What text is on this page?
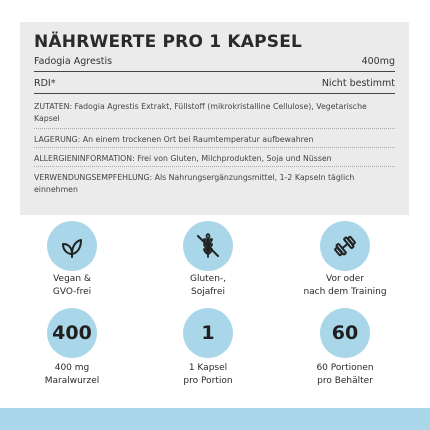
NÄHRWERTE PRO 1 KAPSEL
Fadogia Agrestis	400mg
RDI*	Nicht bestimmt
ZUTATEN: Fadogia Agrestis Extrakt, Füllstoff (mikrokristalline Cellulose), Vegetarische Kapsel
LAGERUNG: An einem trockenen Ort bei Raumtemperatur aufbewahren
ALLERGIENINFORMATION: Frei von Gluten, Milchprodukten, Soja und Nüssen
VERWENDUNGSEMPFEHLUNG: Als Nahrungsergänzungsmittel, 1-2 Kapseln täglich einnehmen
Vegan &
GVO-frei
Gluten-,
Sojafrei
Vor oder
nach dem Training
400	1	60
400 mg
Maralwurzel
1 Kapsel
pro Portion
60 Portionen
pro Behälter
